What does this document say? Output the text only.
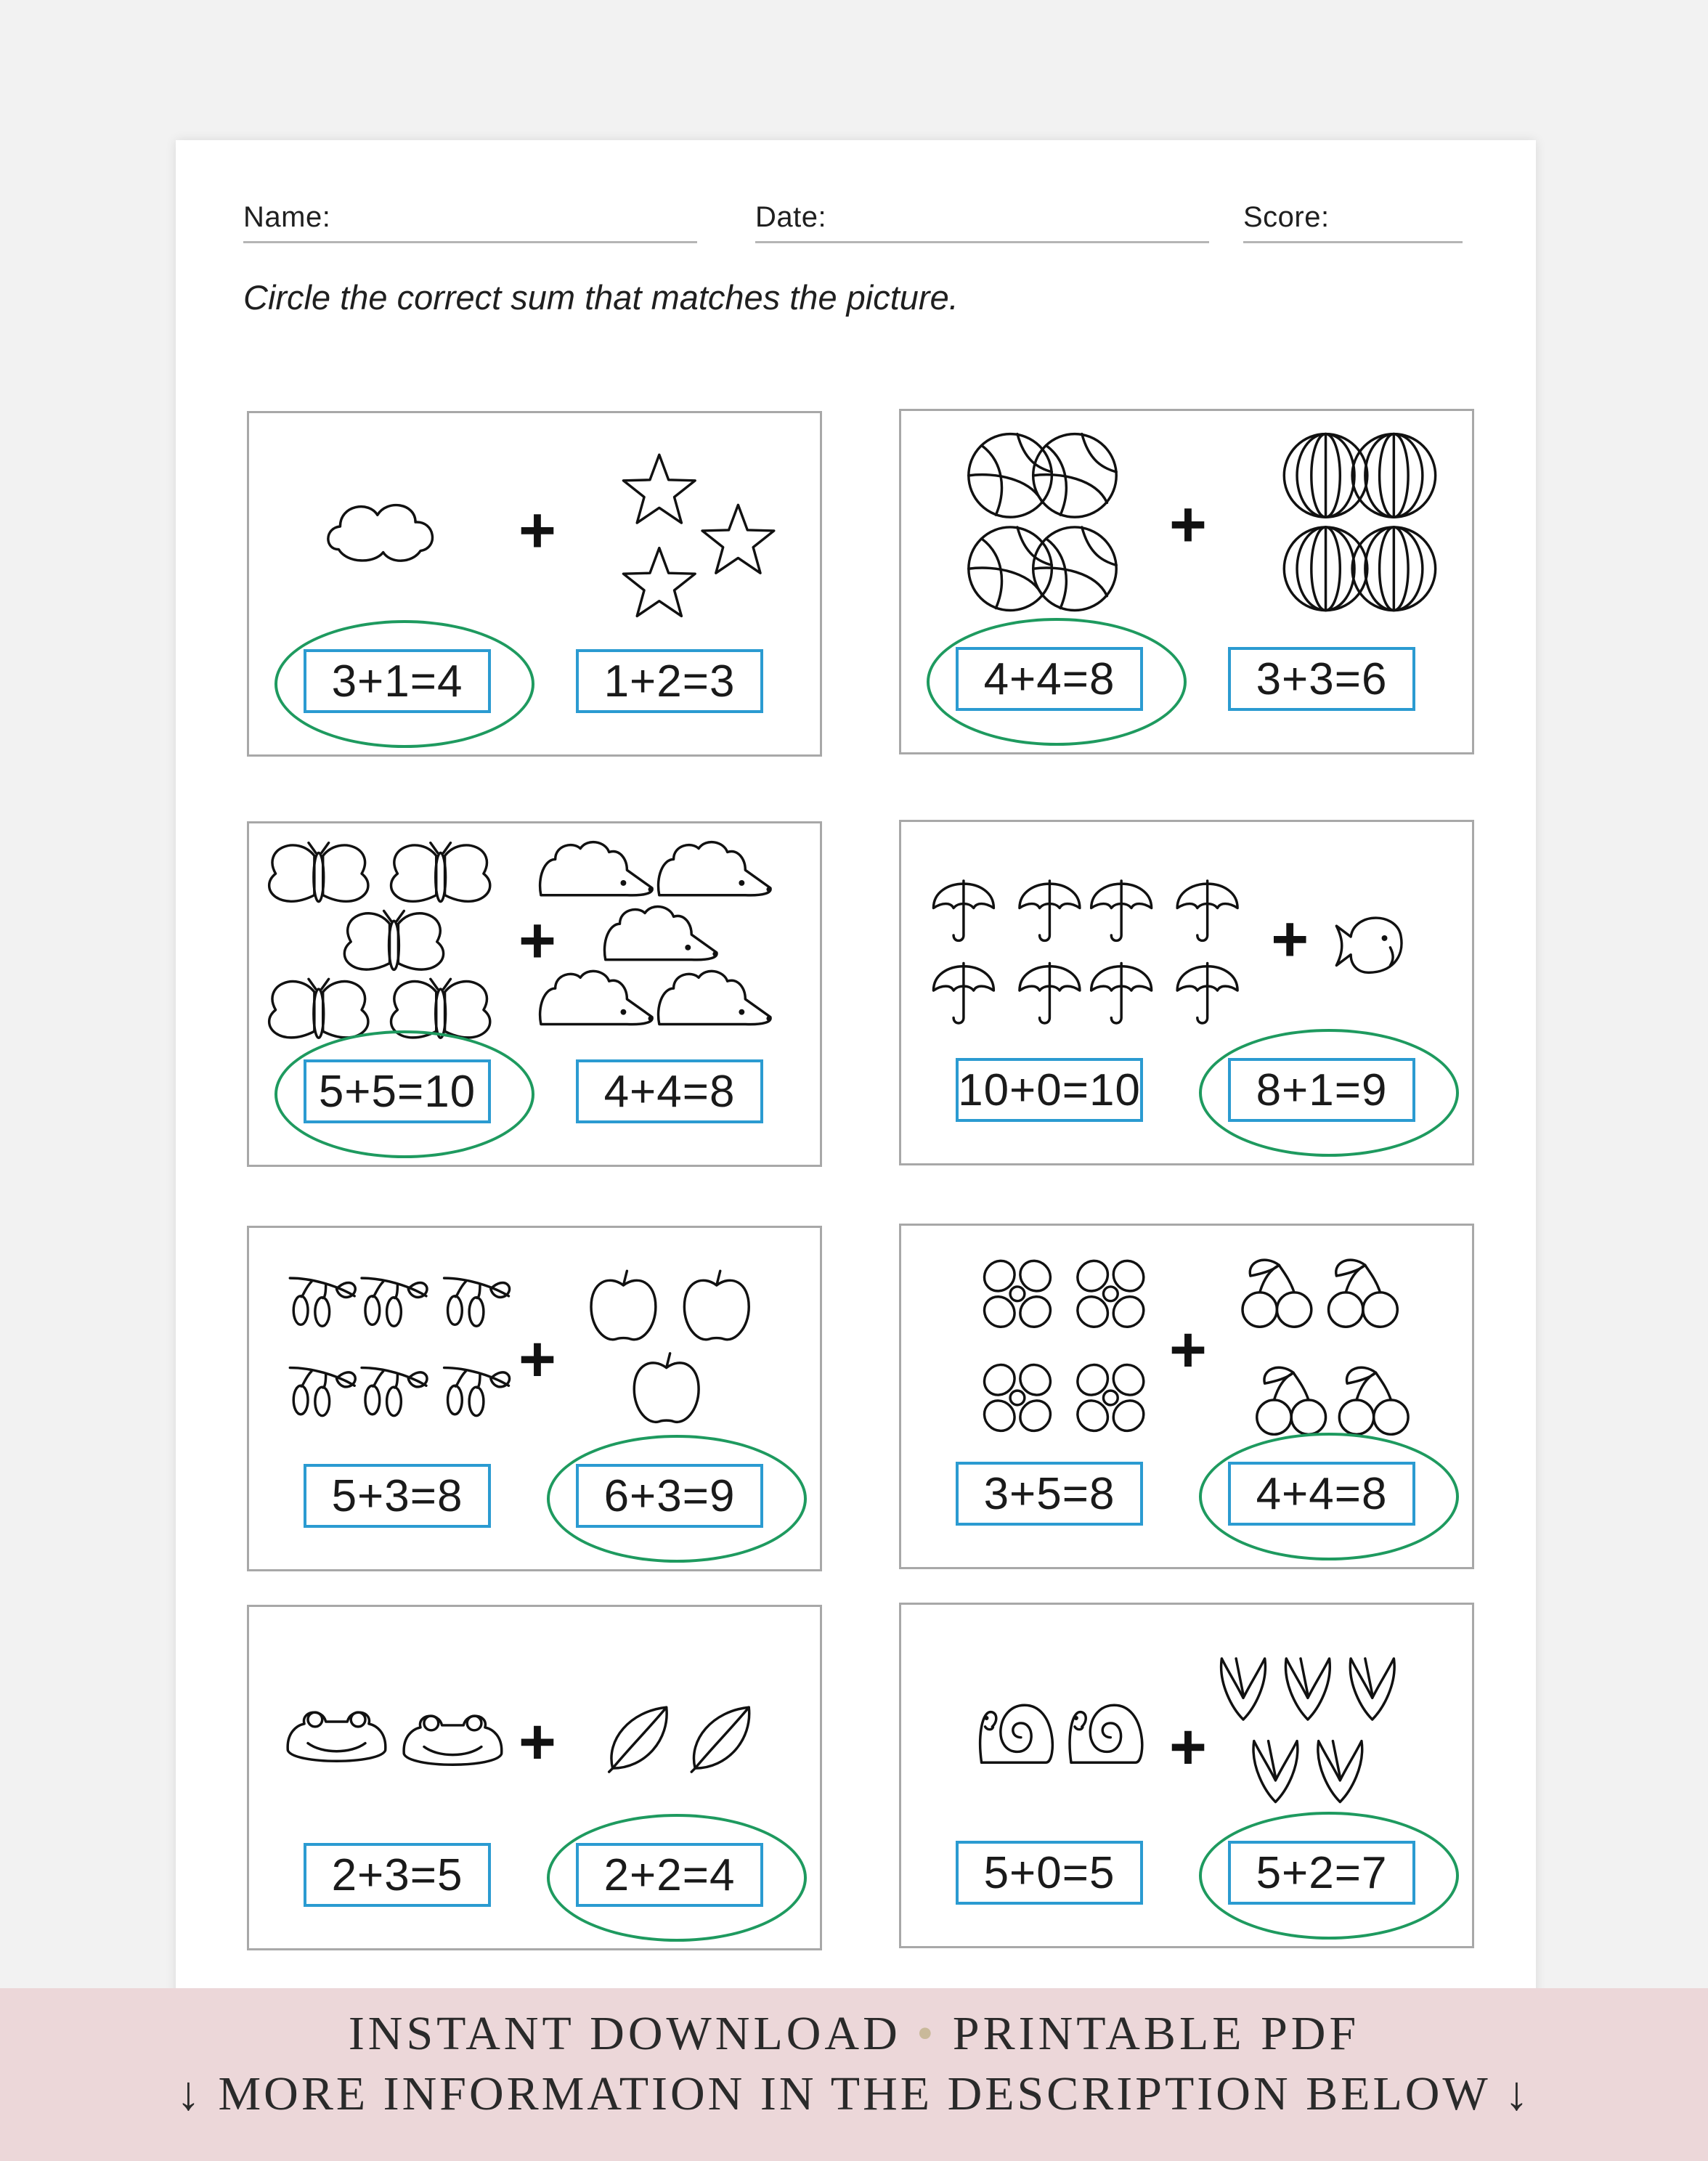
Name:	Date:	Score:
Circle the correct sum that matches the picture.
+
3+1=4	1+2=3
+
4+4=8	3+3=6
+
5+5=10	4+4=8
+
10+0=10	8+1=9
+
5+3=8	6+3=9
+
3+5=8	4+4=8
+
2+3=5	2+2=4
+
5+0=5	5+2=7
INSTANT DOWNLOAD • PRINTABLE PDF
↓ MORE INFORMATION IN THE DESCRIPTION BELOW ↓
